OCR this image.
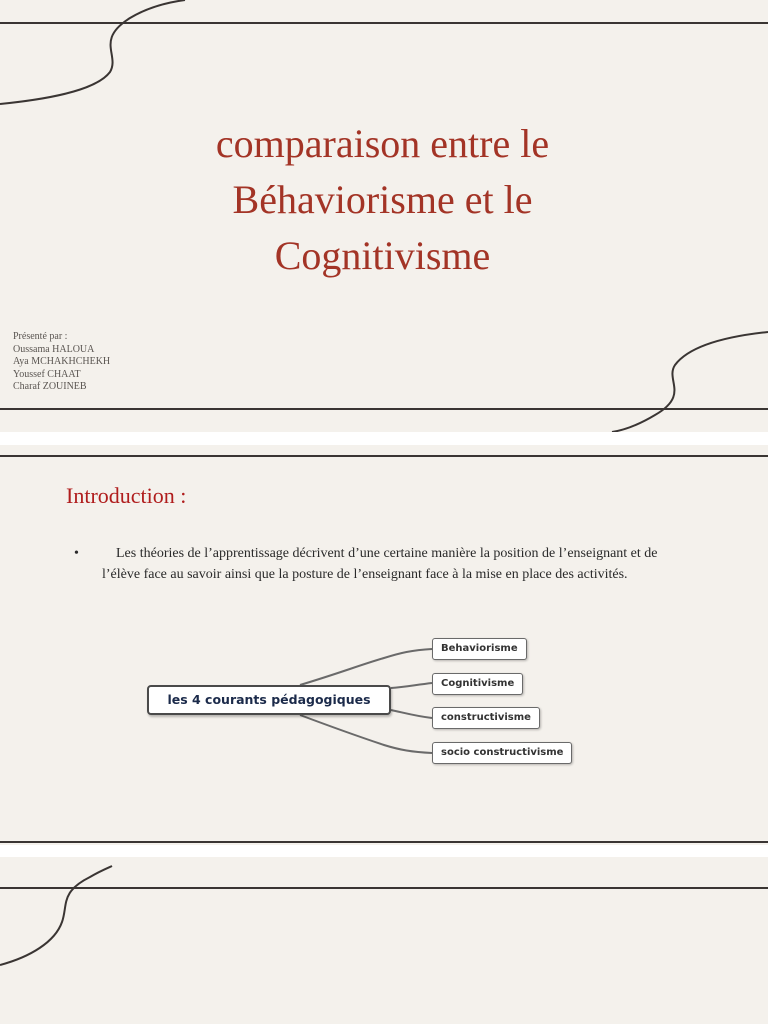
comparaison entre le
Béhaviorisme et le
Cognitivisme
Présenté par :
Oussama HALOUA
Aya MCHAKHCHEKH
Youssef CHAAT
Charaf ZOUINEB
Introduction :
•	Les théories de l’apprentissage décrivent d’une certaine manière la position de l’enseignant et de l’élève face au savoir ainsi que la posture de l’enseignant face à la mise en place des activités.
les 4 courants pédagogiques
Behaviorisme
Cognitivisme
constructivisme
socio constructivisme
